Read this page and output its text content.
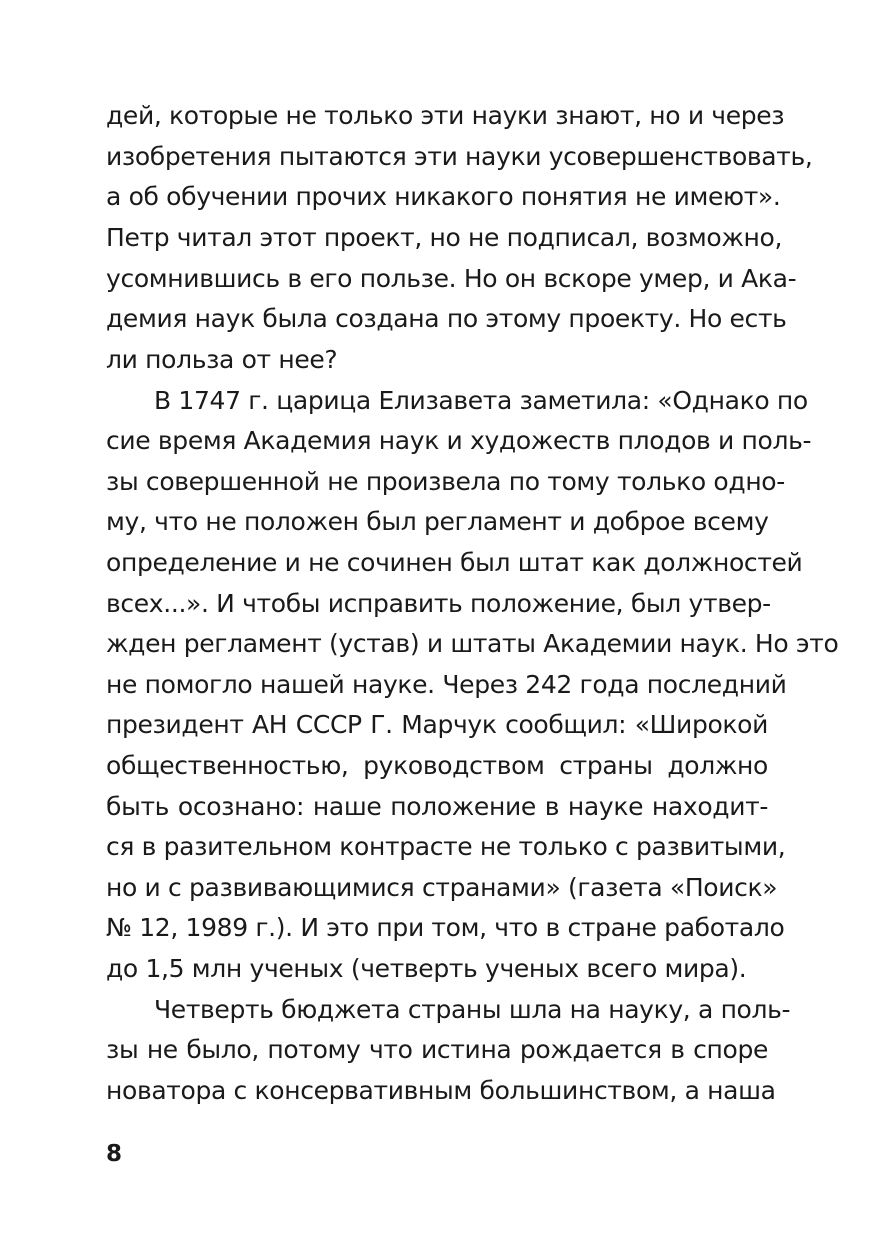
дей, которые не только эти науки знают, но и через
изобретения пытаются эти науки усовершенствовать,
а об обучении прочих никакого понятия не имеют».
Петр читал этот проект, но не подписал, возможно,
усомнившись в его пользе. Но он вскоре умер, и Ака-
демия наук была создана по этому проекту. Но есть
ли польза от нее?
В 1747 г. царица Елизавета заметила: «Однако по
сие время Академия наук и художеств плодов и поль-
зы совершенной не произвела по тому только одно-
му, что не положен был регламент и доброе всему
определение и не сочинен был штат как должностей
всех...». И чтобы исправить положение, был утвер-
жден регламент (устав) и штаты Академии наук. Но это
не помогло нашей науке. Через 242 года последний
президент АН СССР Г. Марчук сообщил: «Широкой
общественностью, руководством страны должно
быть осознано: наше положение в науке находит-
ся в разительном контрасте не только с развитыми,
но и с развивающимися странами» (газета «Поиск»
№ 12, 1989 г.). И это при том, что в стране работало
до 1,5 млн ученых (четверть ученых всего мира).
Четверть бюджета страны шла на науку, а поль-
зы не было, потому что истина рождается в споре
новатора с консервативным большинством, а наша
8
